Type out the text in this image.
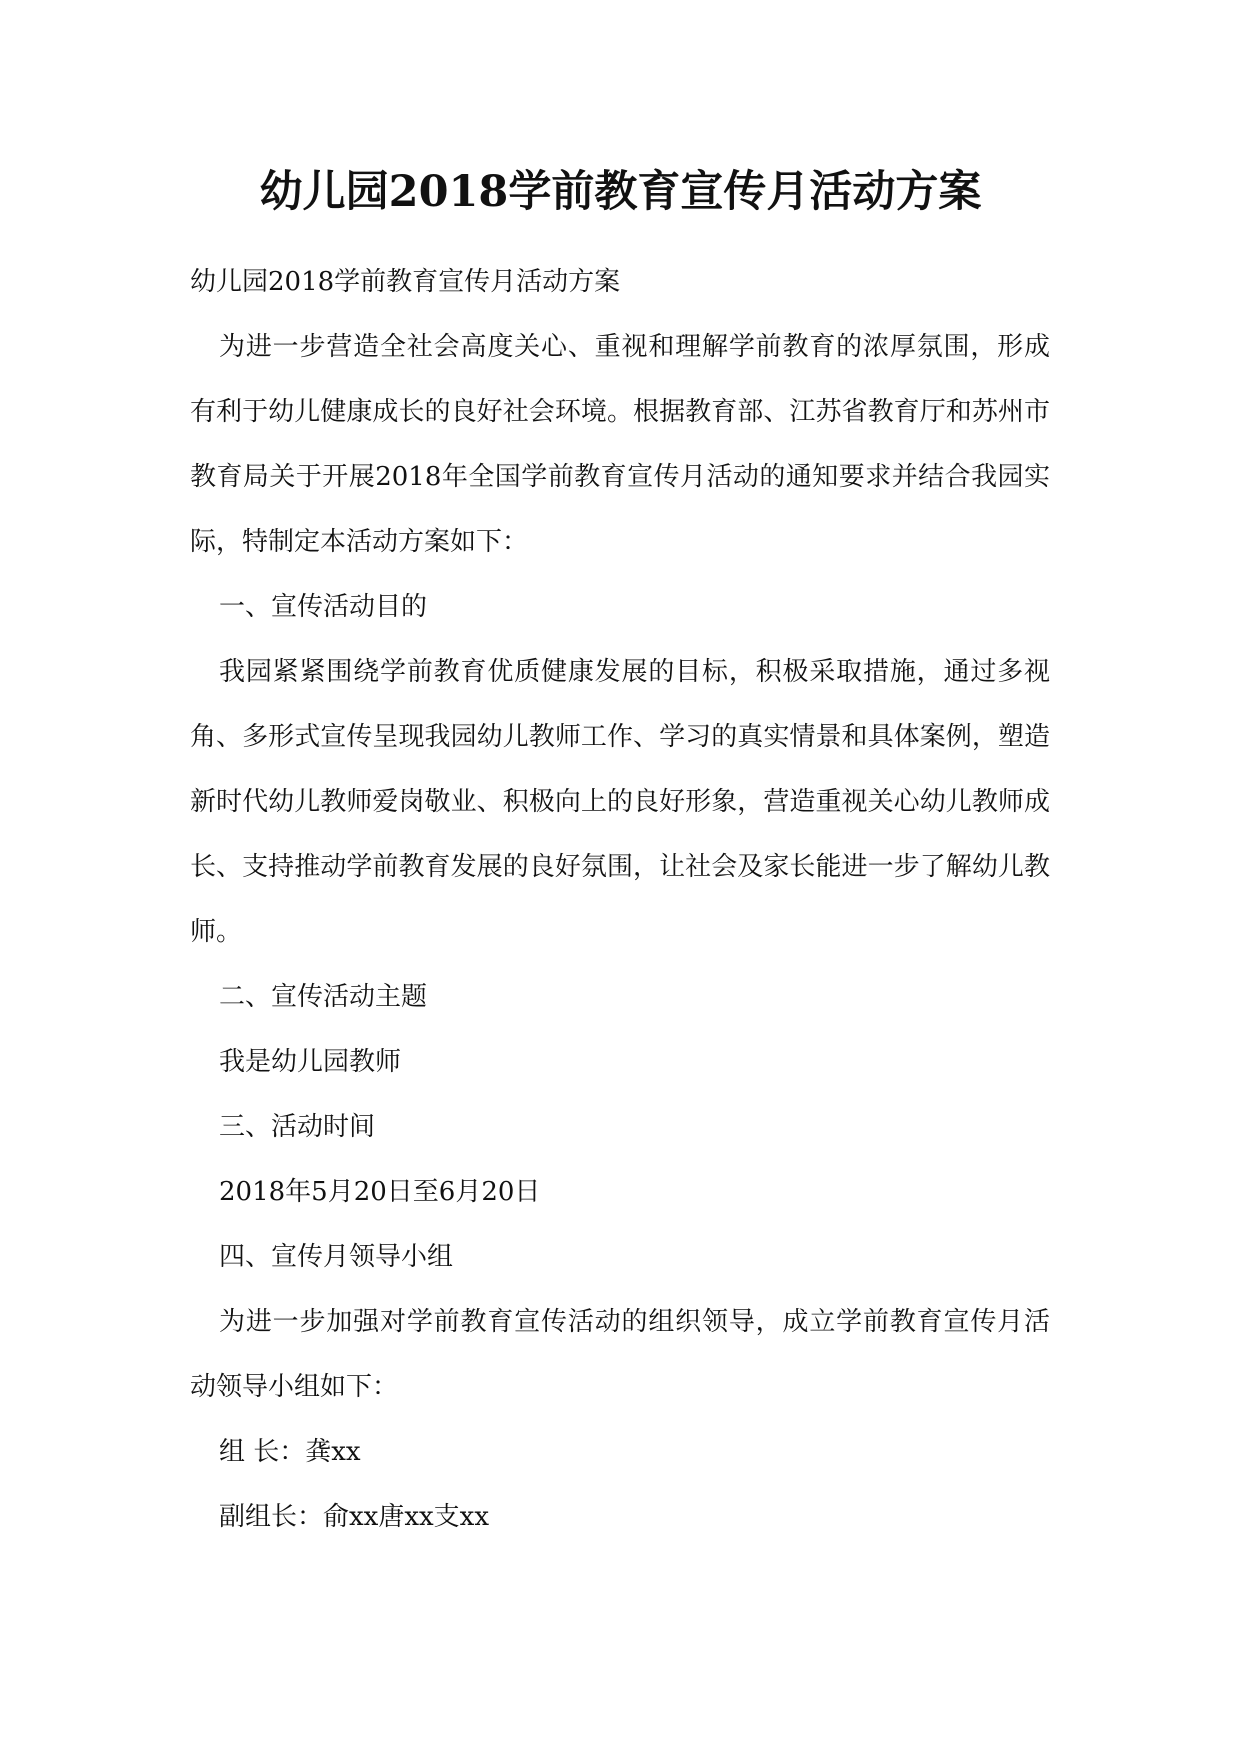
幼儿园2018学前教育宣传月活动方案

幼儿园2018学前教育宣传月活动方案

为进一步营造全社会高度关心、重视和理解学前教育的浓厚氛围，形成有利于幼儿健康成长的良好社会环境。根据教育部、江苏省教育厅和苏州市教育局关于开展2018年全国学前教育宣传月活动的通知要求并结合我园实际，特制定本活动方案如下：

一、宣传活动目的

我园紧紧围绕学前教育优质健康发展的目标，积极采取措施，通过多视角、多形式宣传呈现我园幼儿教师工作、学习的真实情景和具体案例，塑造新时代幼儿教师爱岗敬业、积极向上的良好形象，营造重视关心幼儿教师成长、支持推动学前教育发展的良好氛围，让社会及家长能进一步了解幼儿教师。

二、宣传活动主题

我是幼儿园教师

三、活动时间

2018年5月20日至6月20日

四、宣传月领导小组

为进一步加强对学前教育宣传活动的组织领导，成立学前教育宣传月活动领导小组如下：

组 长：龚xx

副组长：俞xx唐xx支xx
